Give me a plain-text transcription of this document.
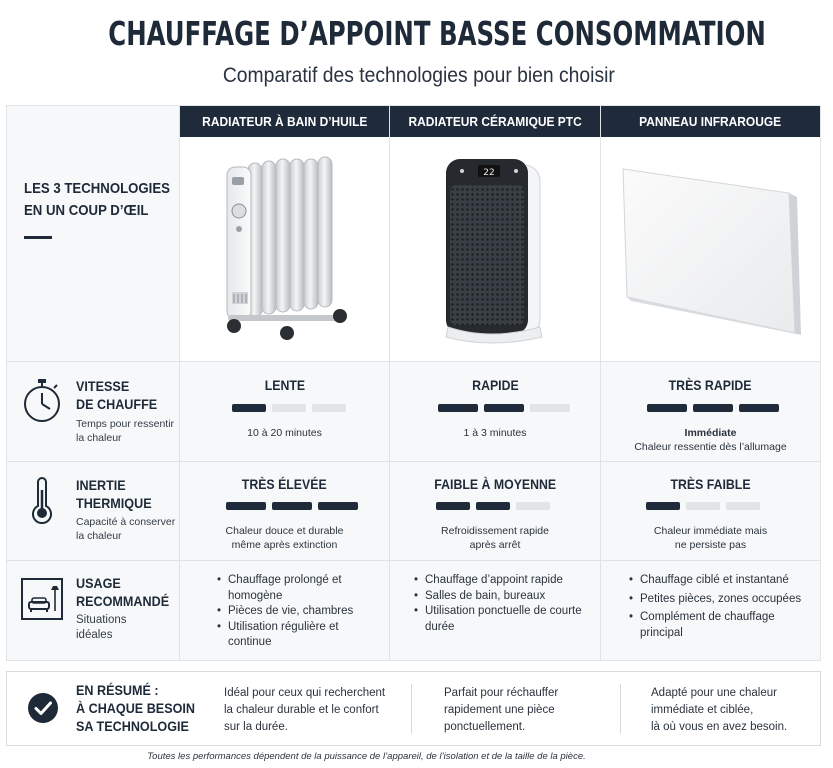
CHAUFFAGE D’APPOINT BASSE CONSOMMATION
Comparatif des technologies pour bien choisir
RADIATEUR À BAIN D’HUILE	RADIATEUR CÉRAMIQUE PTC	PANNEAU INFRAROUGE
22
LES 3 TECHNOLOGIES
EN UN COUP D’ŒIL
VITESSE
DE CHAUFFE
Temps pour ressentir
la chaleur
LENTE
10 à 20 minutes
RAPIDE
1 à 3 minutes
TRÈS RAPIDE
Immédiate
Chaleur ressentie dès l’allumage
INERTIE
THERMIQUE
Capacité à conserver
la chaleur
TRÈS ÉLEVÉE
Chaleur douce et durable
même après extinction
FAIBLE À MOYENNE
Refroidissement rapide
après arrêt
TRÈS FAIBLE
Chaleur immédiate mais
ne persiste pas
USAGE
RECOMMANDÉ
Situations
idéales
• Chauffage prolongé et homogène
• Pièces de vie, chambres
• Utilisation régulière et continue
• Chauffage d’appoint rapide
• Salles de bain, bureaux
• Utilisation ponctuelle de courte durée
• Chauffage ciblé et instantané
• Petites pièces, zones occupées
• Complément de chauffage principal
EN RÉSUMÉ :
À CHAQUE BESOIN
SA TECHNOLOGIE
Idéal pour ceux qui recherchent
la chaleur durable et le confort
sur la durée.
Parfait pour réchauffer
rapidement une pièce
ponctuellement.
Adapté pour une chaleur
immédiate et ciblée,
là où vous en avez besoin.
Toutes les performances dépendent de la puissance de l’appareil, de l’isolation et de la taille de la pièce.
